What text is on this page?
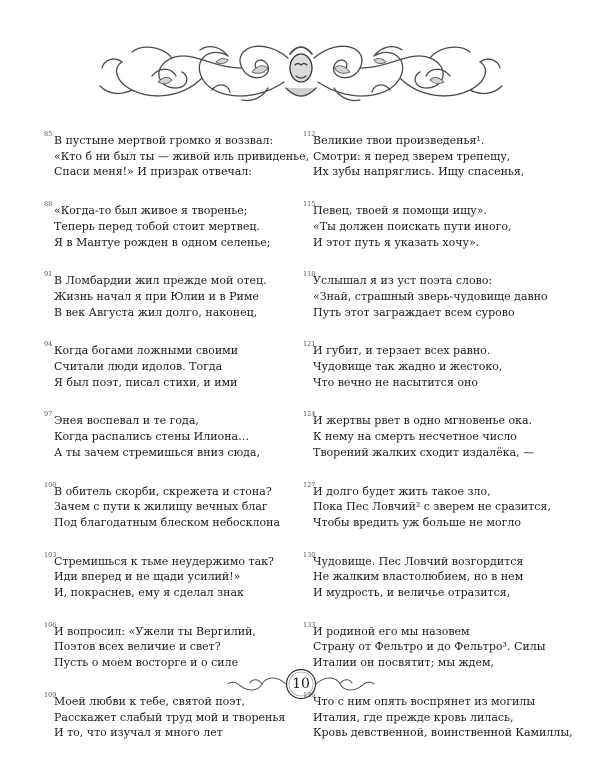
85 В пустыне мертвой громко я воззвал:
«Кто б ни был ты — живой иль привиденье,
Спаси меня!» И призрак отвечал:
88 «Когда-то был живое я творенье;
Теперь перед тобой стоит мертвец.
Я в Мантуе рожден в одном селенье;
91 В Ломбардии жил прежде мой отец.
Жизнь начал я при Юлии и в Риме
В век Августа жил долго, наконец,
94 Когда богами ложными своими
Считали люди идолов. Тогда
Я был поэт, писал стихи, и ими
97 Энея воспевал и те года,
Когда распались стены Илиона…
А ты зачем стремишься вниз сюда,
100
В обитель скорби, скрежета и стона?
Зачем с пути к жилищу вечных благ
Под благодатным блеском небосклона
103
Стремишься к тьме неудержимо так?
Иди вперед и не щади усилий!»
И, покраснев, ему я сделал знак
106
И вопросил: «Ужели ты Вергилий,
Поэтов всех величие и свет?
Пусть о моем восторге и о силе
109
Моей любви к тебе, святой поэт,
Расскажет слабый труд мой и творенья
И то, что изучал я много лет
112
Великие твои произведенья¹.
Смотри: я перед зверем трепещу,
Их зубы напряглись. Ищу спасенья,
115
Певец, твоей я помощи ищу».
«Ты должен поискать пути иного,
И этот путь я указать хочу».
118
Услышал я из уст поэта слово:
«Знай, страшный зверь-чудовище давно
Путь этот заграждает всем сурово
121
И губит, и терзает всех равно.
Чудовище так жадно и жестоко,
Что вечно не насытится оно
124
И жертвы рвет в одно мгновенье ока.
К нему на смерть несчетное число
Творений жалких сходит издалёка, —
127
И долго будет жить такое зло,
Пока Пес Ловчий² с зверем не сразится,
Чтобы вредить уж больше не могло
130
Чудовище. Пес Ловчий возгордится
Не жалким властолюбием, но в нем
И мудрость, и величье отразится,
133
И родиной его мы назовем
Страну от Фельтро и до Фельтро³. Силы
Италии он посвятит; мы ждем,
136
Что с ним опять воспрянет из могилы
Италия, где прежде кровь лилась,
Кровь девственной, воинственной Камиллы,
10
